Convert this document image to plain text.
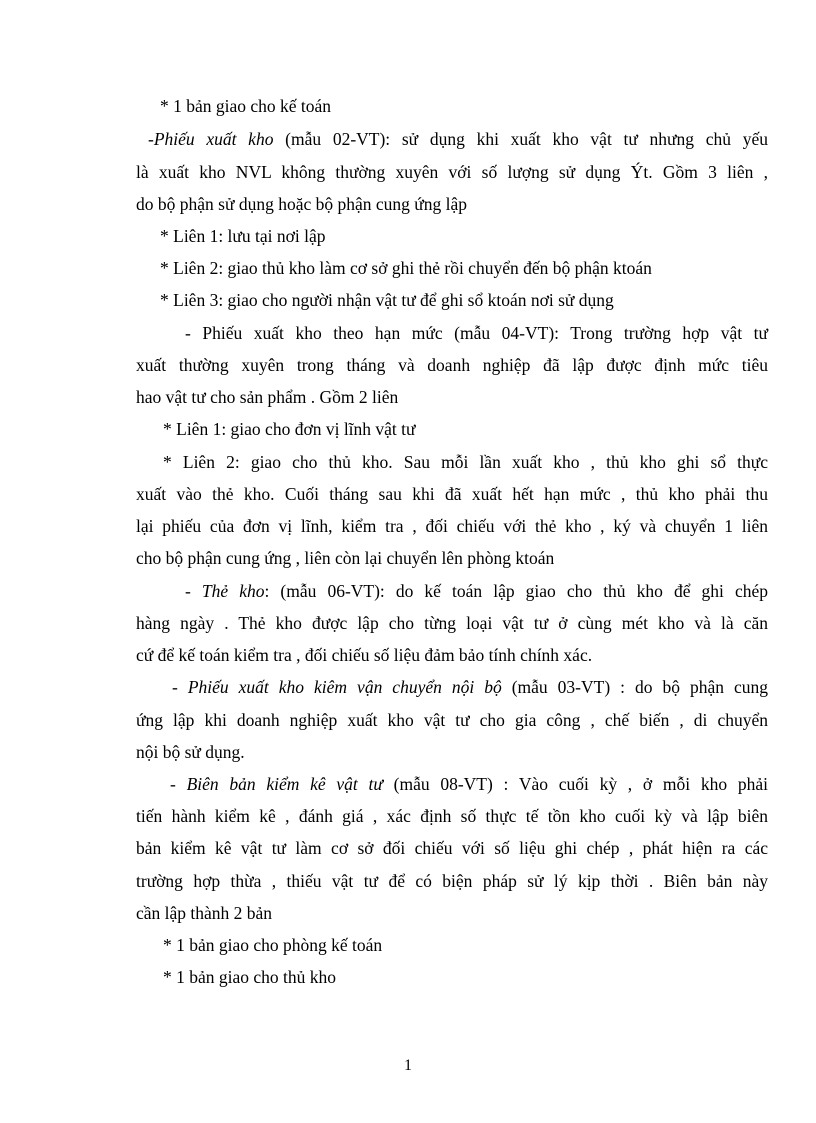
* 1 bản giao cho kế toán
-Phiếu xuất kho (mẫu 02-VT): sử dụng khi xuất kho vật tư nhưng chủ yếu
là xuất kho NVL không thường xuyên với số lượng sử dụng Ýt. Gồm 3 liên ,
do bộ phận sử dụng hoặc bộ phận cung ứng lập
* Liên 1: lưu tại nơi lập
* Liên 2: giao thủ kho làm cơ sở ghi thẻ rồi chuyển đến bộ phận ktoán
* Liên 3: giao cho người nhận vật tư để ghi sổ ktoán nơi sử dụng
- Phiếu xuất kho theo hạn mức (mẫu 04-VT): Trong trường hợp vật tư
xuất thường xuyên trong tháng và doanh nghiệp đã lập được định mức tiêu
hao vật tư cho sản phẩm . Gồm 2 liên
* Liên 1: giao cho đơn vị lĩnh vật tư
* Liên 2: giao cho thủ kho. Sau mỗi lần xuất kho , thủ kho ghi sổ thực
xuất vào thẻ kho. Cuối tháng sau khi đã xuất hết hạn mức , thủ kho phải thu
lại phiếu của đơn vị lĩnh, kiểm tra , đối chiếu với thẻ kho , ký và chuyển 1 liên
cho bộ phận cung ứng , liên còn lại chuyển lên phòng ktoán
- Thẻ kho: (mẫu 06-VT): do kế toán lập giao cho thủ kho để ghi chép
hàng ngày . Thẻ kho được lập cho từng loại vật tư ở cùng mét kho và là căn
cứ để kế toán kiểm tra , đối chiếu số liệu đảm bảo tính chính xác.
- Phiếu xuất kho kiêm vận chuyển nội bộ (mẫu 03-VT) : do bộ phận cung
ứng lập khi doanh nghiệp xuất kho vật tư cho gia công , chế biến , di chuyển
nội bộ sử dụng.
- Biên bản kiểm kê vật tư (mẫu 08-VT) : Vào cuối kỳ , ở mỗi kho phải
tiến hành kiểm kê , đánh giá , xác định số thực tế tồn kho cuối kỳ và lập biên
bản kiểm kê vật tư làm cơ sở đối chiếu với số liệu ghi chép , phát hiện ra các
trường hợp thừa , thiếu vật tư để có biện pháp sử lý kịp thời . Biên bản này
cần lập thành 2 bản
* 1 bản giao cho phòng kế toán
* 1 bản giao cho thủ kho
1
